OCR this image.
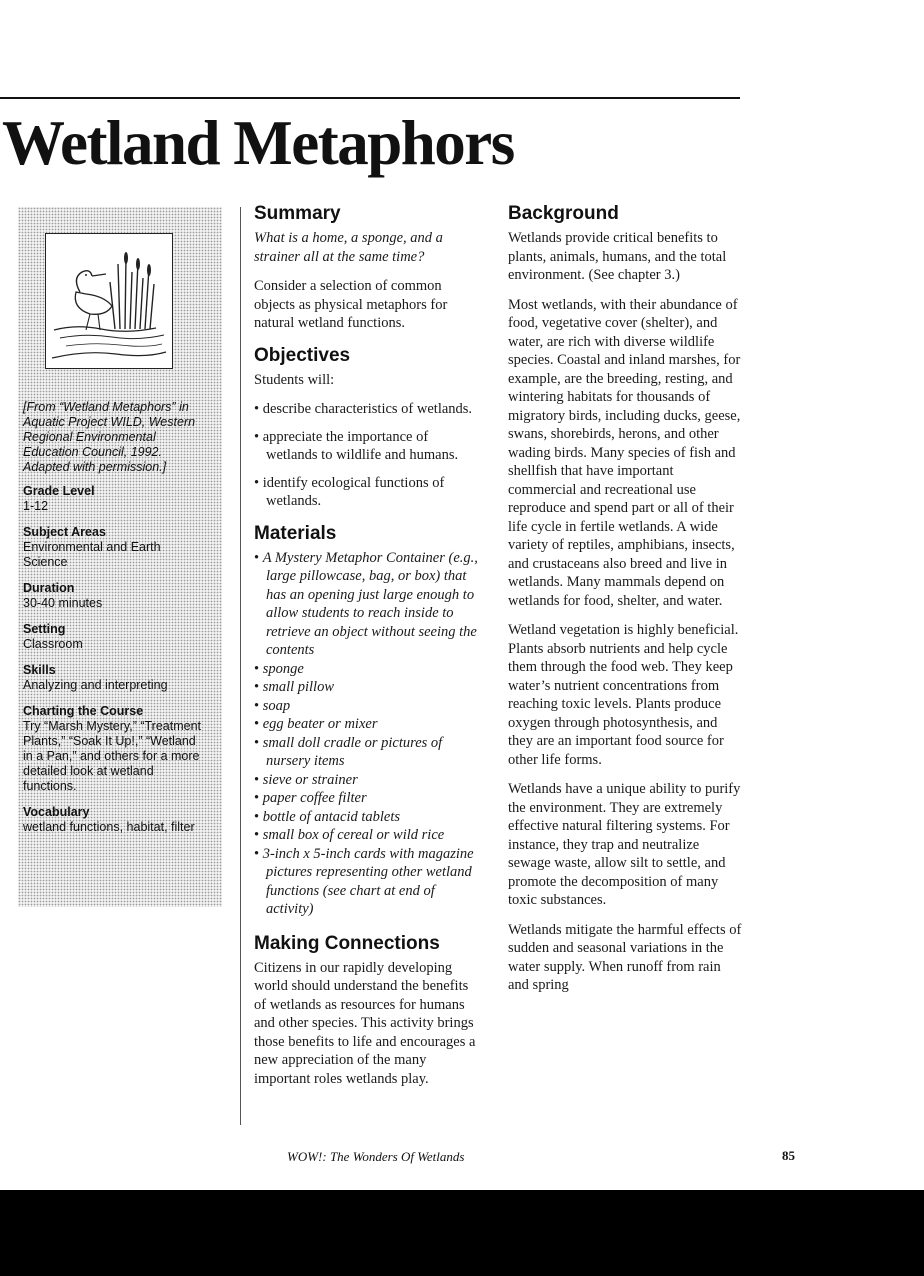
Wetland Metaphors

[From “Wetland Metaphors” in Aquatic Project WILD, Western Regional Environmental Education Council, 1992. Adapted with permission.]

Grade Level
1-12
Subject Areas
Environmental and Earth Science
Duration
30-40 minutes
Setting
Classroom
Skills
Analyzing and interpreting
Charting the Course
Try “Marsh Mystery,” “Treatment Plants,” “Soak It Up!,” “Wetland in a Pan,” and others for a more detailed look at wetland functions.
Vocabulary
wetland functions, habitat, filter
Summary

What is a home, a sponge, and a strainer all at the same time?

Consider a selection of common objects as physical metaphors for natural wetland functions.

Objectives

Students will:

• describe characteristics of wetlands.
• appreciate the importance of wetlands to wildlife and humans.
• identify ecological functions of wetlands.
Materials
• A Mystery Metaphor Container (e.g., large pillowcase, bag, or box) that has an opening just large enough to allow students to reach inside to retrieve an object without seeing the contents
• sponge
• small pillow
• soap
• egg beater or mixer
• small doll cradle or pictures of nursery items
• sieve or strainer
• paper coffee filter
• bottle of antacid tablets
• small box of cereal or wild rice
• 3-inch x 5-inch cards with magazine pictures representing other wetland functions (see chart at end of activity)
Making Connections

Citizens in our rapidly developing world should understand the benefits of wetlands as resources for humans and other species. This activity brings those benefits to life and encourages a new appreciation of the many important roles wetlands play.

Background

Wetlands provide critical benefits to plants, animals, humans, and the total environment. (See chapter 3.)

Most wetlands, with their abundance of food, vegetative cover (shelter), and water, are rich with diverse wildlife species. Coastal and inland marshes, for example, are the breeding, resting, and wintering habitats for thousands of migratory birds, including ducks, geese, swans, shorebirds, herons, and other wading birds. Many species of fish and shellfish that have important commercial and recreational use reproduce and spend part or all of their life cycle in fertile wetlands. A wide variety of reptiles, amphibians, insects, and crustaceans also breed and live in wetlands. Many mammals depend on wetlands for food, shelter, and water.

Wetland vegetation is highly beneficial. Plants absorb nutrients and help cycle them through the food web. They keep water’s nutrient concentrations from reaching toxic levels. Plants produce oxygen through photosynthesis, and they are an important food source for other life forms.

Wetlands have a unique ability to purify the environment. They are extremely effective natural filtering systems. For instance, they trap and neutralize sewage waste, allow silt to settle, and promote the decomposition of many toxic substances.

Wetlands mitigate the harmful effects of sudden and seasonal variations in the water supply. When runoff from rain and spring

WOW!: The Wonders Of Wetlands	85
